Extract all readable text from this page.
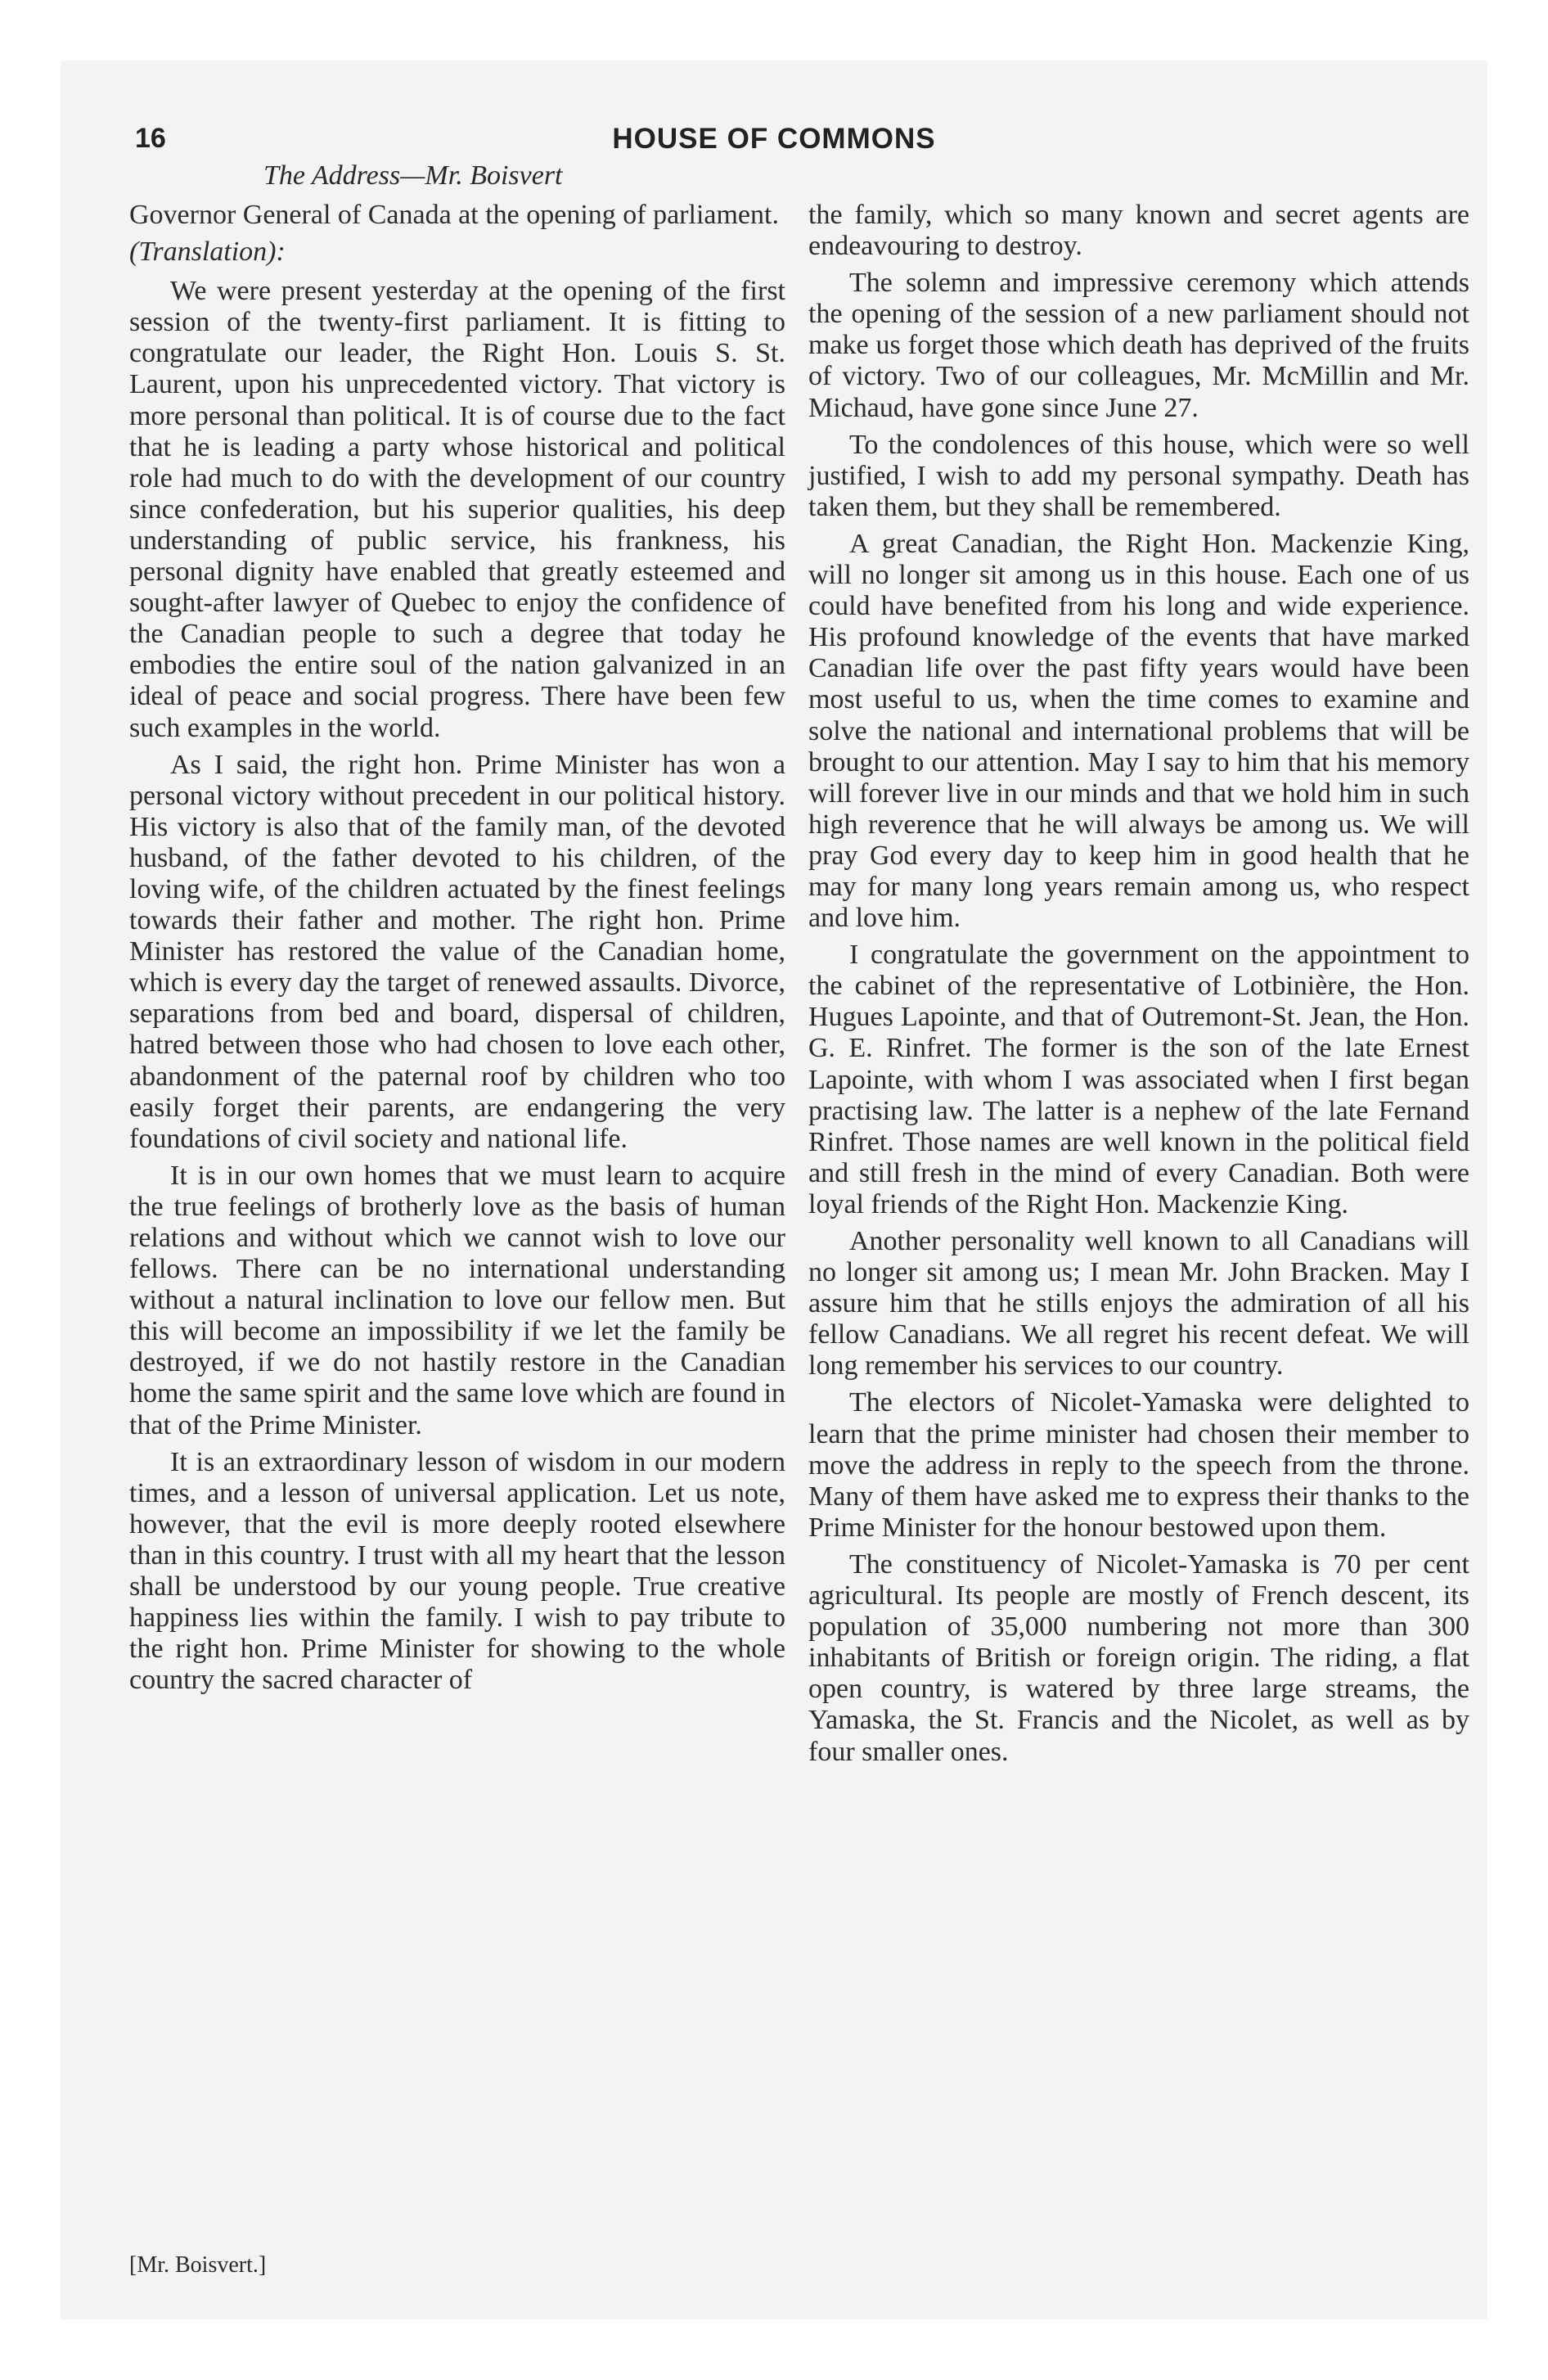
16	HOUSE OF COMMONS
The Address—Mr. Boisvert

Governor General of Canada at the opening of parliament.

(Translation):

We were present yesterday at the opening of the first session of the twenty-first parliament. It is fitting to congratulate our leader, the Right Hon. Louis S. St. Laurent, upon his unprecedented victory. That victory is more personal than political. It is of course due to the fact that he is leading a party whose historical and political role had much to do with the development of our country since confederation, but his superior qualities, his deep understanding of public service, his frankness, his personal dignity have enabled that greatly esteemed and sought-after lawyer of Quebec to enjoy the confidence of the Canadian people to such a degree that today he embodies the entire soul of the nation galvanized in an ideal of peace and social progress. There have been few such examples in the world.

As I said, the right hon. Prime Minister has won a personal victory without precedent in our political history. His victory is also that of the family man, of the devoted husband, of the father devoted to his children, of the loving wife, of the children actuated by the finest feelings towards their father and mother. The right hon. Prime Minister has restored the value of the Canadian home, which is every day the target of renewed assaults. Divorce, separations from bed and board, dispersal of children, hatred between those who had chosen to love each other, abandonment of the paternal roof by children who too easily forget their parents, are endangering the very foundations of civil society and national life.

It is in our own homes that we must learn to acquire the true feelings of brotherly love as the basis of human relations and without which we cannot wish to love our fellows. There can be no international understanding without a natural inclination to love our fellow men. But this will become an impossibility if we let the family be destroyed, if we do not hastily restore in the Canadian home the same spirit and the same love which are found in that of the Prime Minister.

It is an extraordinary lesson of wisdom in our modern times, and a lesson of universal application. Let us note, however, that the evil is more deeply rooted elsewhere than in this country. I trust with all my heart that the lesson shall be understood by our young people. True creative happiness lies within the family. I wish to pay tribute to the right hon. Prime Minister for showing to the whole country the sacred character of

the family, which so many known and secret agents are endeavouring to destroy.

The solemn and impressive ceremony which attends the opening of the session of a new parliament should not make us forget those which death has deprived of the fruits of victory. Two of our colleagues, Mr. McMillin and Mr. Michaud, have gone since June 27.

To the condolences of this house, which were so well justified, I wish to add my personal sympathy. Death has taken them, but they shall be remembered.

A great Canadian, the Right Hon. Mackenzie King, will no longer sit among us in this house. Each one of us could have benefited from his long and wide experience. His profound knowledge of the events that have marked Canadian life over the past fifty years would have been most useful to us, when the time comes to examine and solve the national and international problems that will be brought to our attention. May I say to him that his memory will forever live in our minds and that we hold him in such high reverence that he will always be among us. We will pray God every day to keep him in good health that he may for many long years remain among us, who respect and love him.

I congratulate the government on the appointment to the cabinet of the representative of Lotbinière, the Hon. Hugues Lapointe, and that of Outremont-St. Jean, the Hon. G. E. Rinfret. The former is the son of the late Ernest Lapointe, with whom I was associated when I first began practising law. The latter is a nephew of the late Fernand Rinfret. Those names are well known in the political field and still fresh in the mind of every Canadian. Both were loyal friends of the Right Hon. Mackenzie King.

Another personality well known to all Canadians will no longer sit among us; I mean Mr. John Bracken. May I assure him that he stills enjoys the admiration of all his fellow Canadians. We all regret his recent defeat. We will long remember his services to our country.

The electors of Nicolet-Yamaska were delighted to learn that the prime minister had chosen their member to move the address in reply to the speech from the throne. Many of them have asked me to express their thanks to the Prime Minister for the honour bestowed upon them.

The constituency of Nicolet-Yamaska is 70 per cent agricultural. Its people are mostly of French descent, its population of 35,000 numbering not more than 300 inhabitants of British or foreign origin. The riding, a flat open country, is watered by three large streams, the Yamaska, the St. Francis and the Nicolet, as well as by four smaller ones.

[Mr. Boisvert.]
